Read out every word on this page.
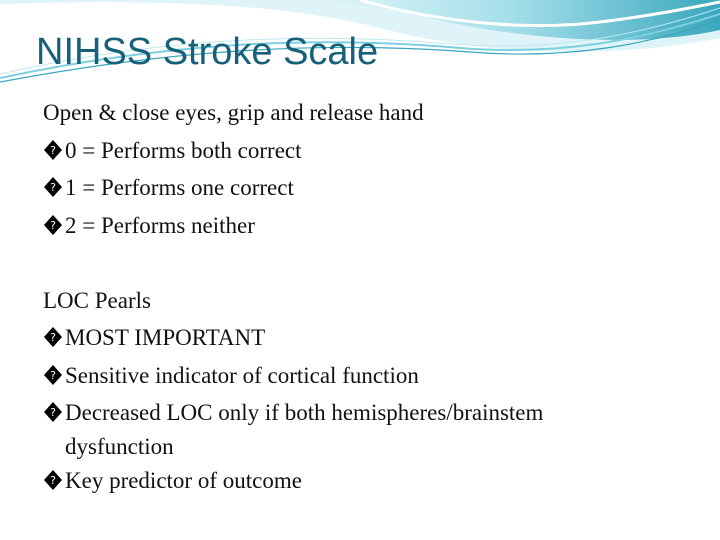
NIHSS Stroke Scale

Open & close eyes, grip and release hand

? 0 = Performs both correct

? 1 = Performs one correct

? 2 = Performs neither

LOC Pearls

? MOST IMPORTANT

? Sensitive indicator of cortical function

? Decreased LOC only if both hemispheres/brainstem
dysfunction

? Key predictor of outcome
